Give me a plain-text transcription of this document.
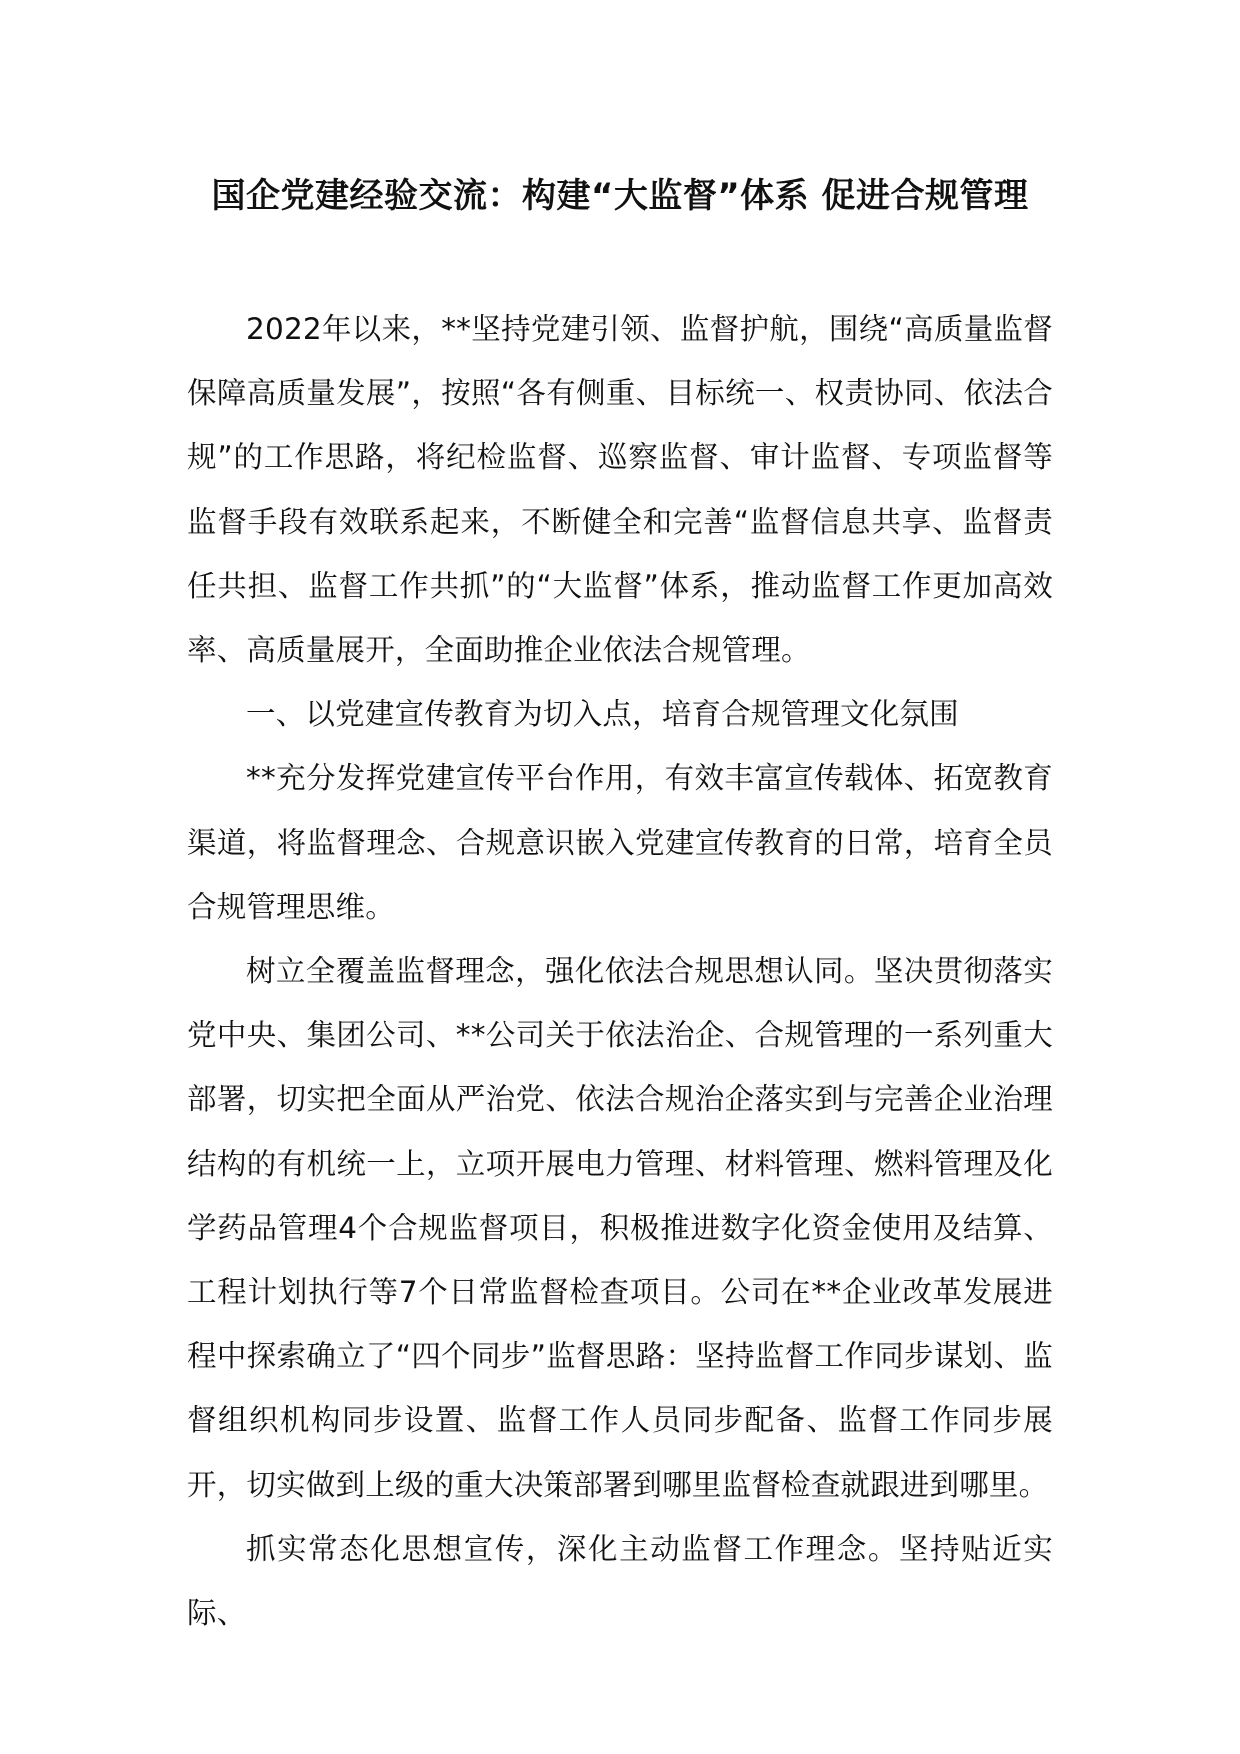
国企党建经验交流：构建“大监督”体系 促进合规管理

2022年以来，**坚持党建引领、监督护航，围绕“高质量监督保障高质量发展”，按照“各有侧重、目标统一、权责协同、依法合规”的工作思路，将纪检监督、巡察监督、审计监督、专项监督等监督手段有效联系起来，不断健全和完善“监督信息共享、监督责任共担、监督工作共抓”的“大监督”体系，推动监督工作更加高效率、高质量展开，全面助推企业依法合规管理。

一、以党建宣传教育为切入点，培育合规管理文化氛围

**充分发挥党建宣传平台作用，有效丰富宣传载体、拓宽教育渠道，将监督理念、合规意识嵌入党建宣传教育的日常，培育全员合规管理思维。

树立全覆盖监督理念，强化依法合规思想认同。坚决贯彻落实党中央、集团公司、**公司关于依法治企、合规管理的一系列重大部署，切实把全面从严治党、依法合规治企落实到与完善企业治理结构的有机统一上，立项开展电力管理、材料管理、燃料管理及化学药品管理4个合规监督项目，积极推进数字化资金使用及结算、工程计划执行等7个日常监督检查项目。公司在**企业改革发展进程中探索确立了“四个同步”监督思路：坚持监督工作同步谋划、监督组织机构同步设置、监督工作人员同步配备、监督工作同步展开，切实做到上级的重大决策部署到哪里监督检查就跟进到哪里。

抓实常态化思想宣传，深化主动监督工作理念。坚持贴近实际、
